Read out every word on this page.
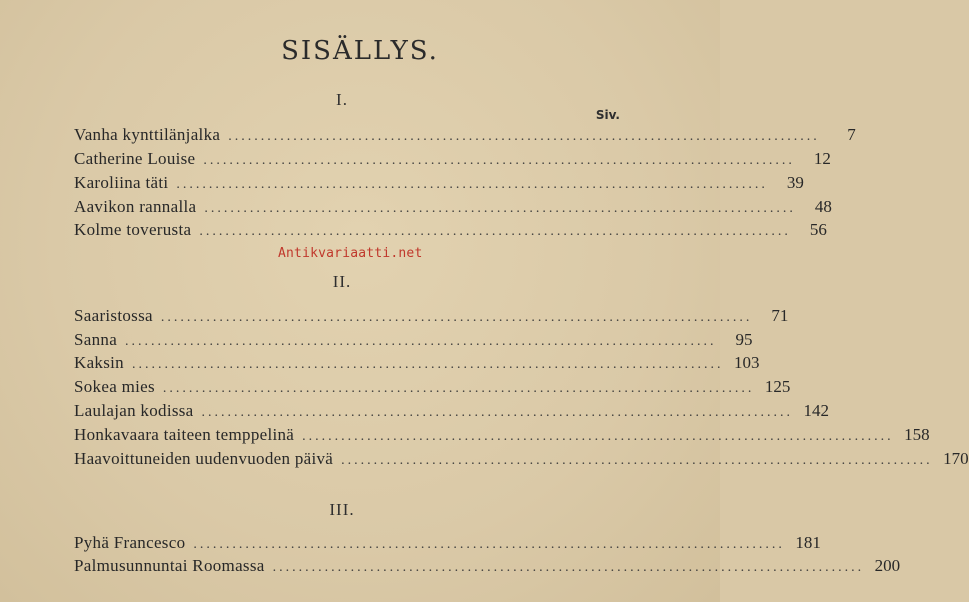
SISÄLLYS.
I.
Siv.
Vanha kynttilänjalka ...........................................................................................	7
Catherine Louise ...........................................................................................	12
Karoliina täti ...........................................................................................	39
Aavikon rannalla ...........................................................................................	48
Kolme toverusta ...........................................................................................	56
Antikvariaatti.net
II.
Saaristossa ...........................................................................................	71
Sanna ...........................................................................................	95
Kaksin ........................................................................................... 103
Sokea mies ........................................................................................... 125
Laulajan kodissa ........................................................................................... 142
Honkavaara taiteen temppelinä ........................................................................................... 158
Haavoittuneiden uudenvuoden päivä ........................................................................................... 170
III.
Pyhä Francesco ........................................................................................... 181
Palmusunnuntai Roomassa ........................................................................................... 200
